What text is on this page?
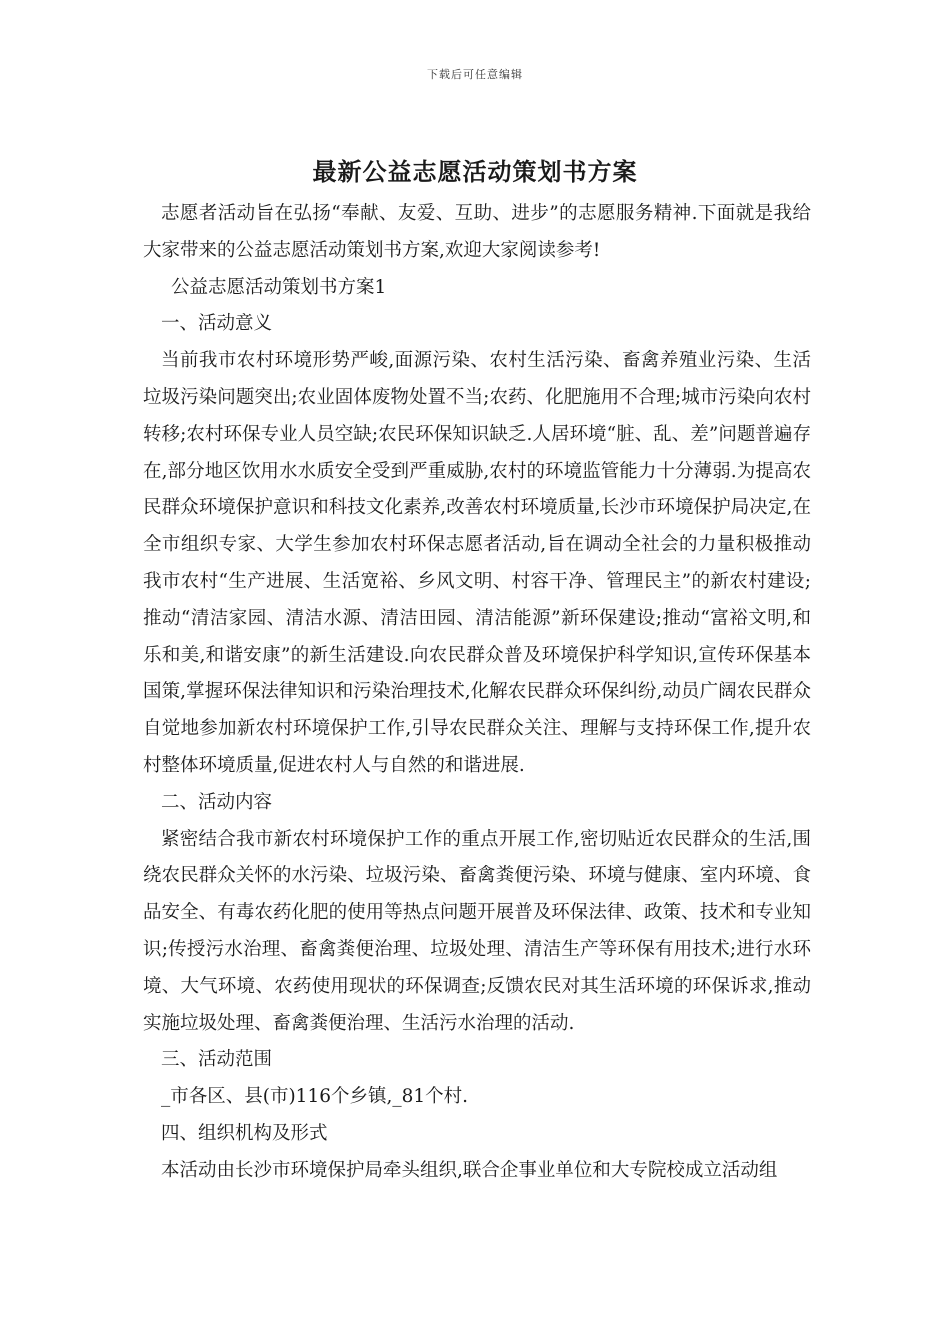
下载后可任意编辑
最新公益志愿活动策划书方案

志愿者活动旨在弘扬“奉献、友爱、互助、进步”的志愿服务精神.下面就是我给大家带来的公益志愿活动策划书方案,欢迎大家阅读参考!

公益志愿活动策划书方案1

一、活动意义

当前我市农村环境形势严峻,面源污染、农村生活污染、畜禽养殖业污染、生活垃圾污染问题突出;农业固体废物处置不当;农药、化肥施用不合理;城市污染向农村转移;农村环保专业人员空缺;农民环保知识缺乏.人居环境“脏、乱、差”问题普遍存在,部分地区饮用水水质安全受到严重威胁,农村的环境监管能力十分薄弱.为提高农民群众环境保护意识和科技文化素养,改善农村环境质量,长沙市环境保护局决定,在全市组织专家、大学生参加农村环保志愿者活动,旨在调动全社会的力量积极推动我市农村“生产进展、生活宽裕、乡风文明、村容干净、管理民主”的新农村建设;推动“清洁家园、清洁水源、清洁田园、清洁能源”新环保建设;推动“富裕文明,和乐和美,和谐安康”的新生活建设.向农民群众普及环境保护科学知识,宣传环保基本国策,掌握环保法律知识和污染治理技术,化解农民群众环保纠纷,动员广阔农民群众自觉地参加新农村环境保护工作,引导农民群众关注、理解与支持环保工作,提升农村整体环境质量,促进农村人与自然的和谐进展.

二、活动内容

紧密结合我市新农村环境保护工作的重点开展工作,密切贴近农民群众的生活,围绕农民群众关怀的水污染、垃圾污染、畜禽粪便污染、环境与健康、室内环境、食品安全、有毒农药化肥的使用等热点问题开展普及环保法律、政策、技术和专业知识;传授污水治理、畜禽粪便治理、垃圾处理、清洁生产等环保有用技术;进行水环境、大气环境、农药使用现状的环保调查;反馈农民对其生活环境的环保诉求,推动实施垃圾处理、畜禽粪便治理、生活污水治理的活动.

三、活动范围

_市各区、县(市)116个乡镇,_81个村.

四、组织机构及形式

本活动由长沙市环境保护局牵头组织,联合企事业单位和大专院校成立活动组
